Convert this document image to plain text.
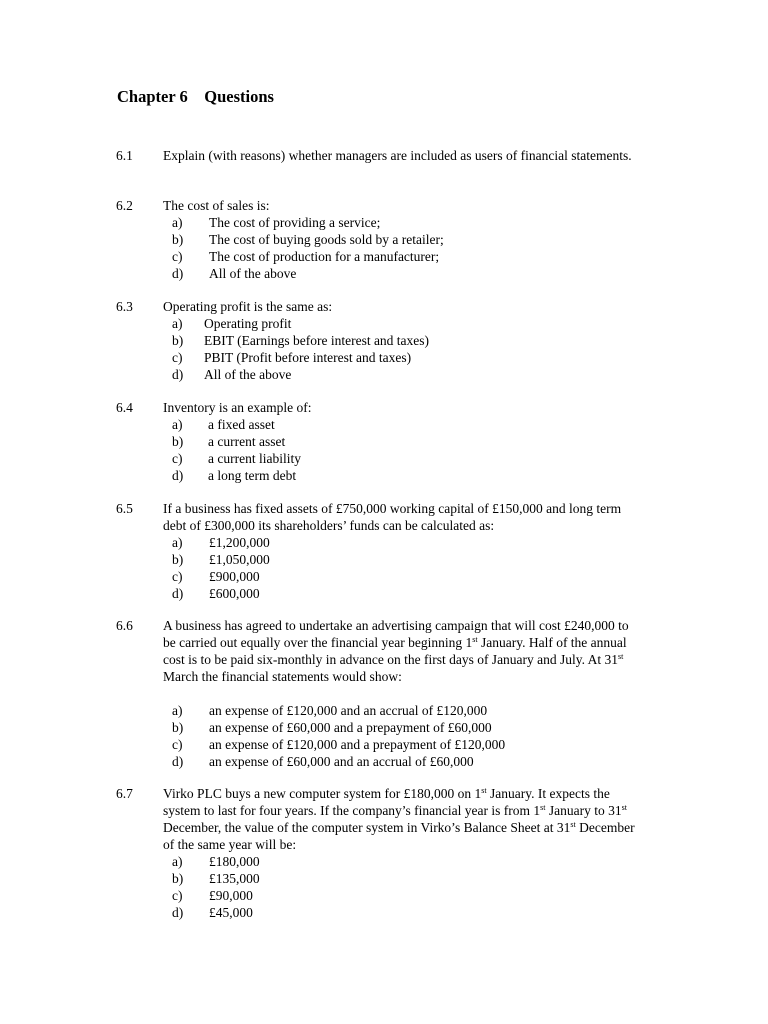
Chapter 6    Questions
6.1 Explain (with reasons) whether managers are included as users of financial statements.
6.2 The cost of sales is:
a) The cost of providing a service;
b) The cost of buying goods sold by a retailer;
c) The cost of production for a manufacturer;
d) All of the above
6.3 Operating profit is the same as:
a) Operating profit
b) EBIT (Earnings before interest and taxes)
c) PBIT (Profit before interest and taxes)
d) All of the above
6.4 Inventory is an example of:
a) a fixed asset
b) a current asset
c) a current liability
d) a long term debt
6.5 If a business has fixed assets of £750,000 working capital of £150,000 and long term debt of £300,000 its shareholders’ funds can be calculated as:
a) £1,200,000
b) £1,050,000
c) £900,000
d) £600,000
6.6 A business has agreed to undertake an advertising campaign that will cost £240,000 to be carried out equally over the financial year beginning 1st January. Half of the annual cost is to be paid six-monthly in advance on the first days of January and July. At 31st March the financial statements would show:
a) an expense of £120,000 and an accrual of £120,000
b) an expense of £60,000 and a prepayment of £60,000
c) an expense of £120,000 and a prepayment of £120,000
d) an expense of £60,000 and an accrual of £60,000
6.7 Virko PLC buys a new computer system for £180,000 on 1st January. It expects the system to last for four years. If the company’s financial year is from 1st January to 31st December, the value of the computer system in Virko’s Balance Sheet at 31st December of the same year will be:
a) £180,000
b) £135,000
c) £90,000
d) £45,000
